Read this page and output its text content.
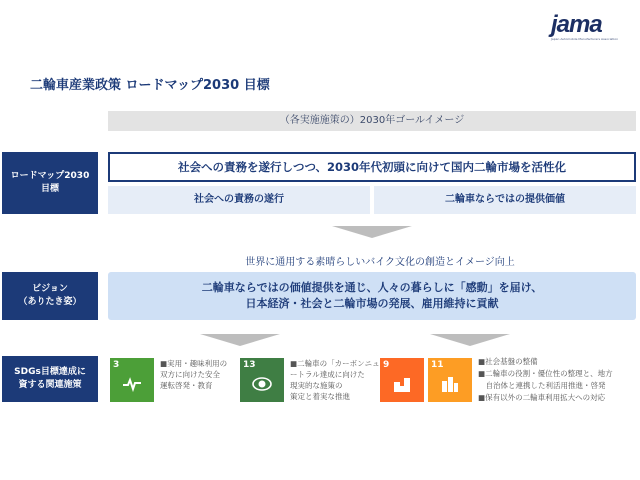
jama
Japan Automobile Manufacturers Association
二輪車産業政策 ロードマップ2030 目標
（各実施施策の）2030年ゴールイメージ
ロードマップ2030
目標
社会への責務を遂行しつつ、2030年代初頭に向けて国内二輪市場を活性化
社会への責務の遂行	二輪車ならではの提供価値
世界に通用する素晴らしいバイク文化の創造とイメージ向上
ビジョン
（ありたき姿）
二輪車ならではの価値提供を通じ、人々の暮らしに「感動」を届け、
日本経済・社会と二輪市場の発展、雇用維持に貢献
SDGs目標達成に
資する関連施策
3	■実用・趣味利用の
双方に向けた安全
運転啓発・教育
13	■二輪車の「カーボンニュ
ートラル達成に向けた
現実的な施策の
策定と着実な推進
9	11	■社会基盤の整備
■二輪車の役割・優位性の整理と、地方
　自治体と連携した利活用推進・啓発
■保有以外の二輪車利用拡大への対応
